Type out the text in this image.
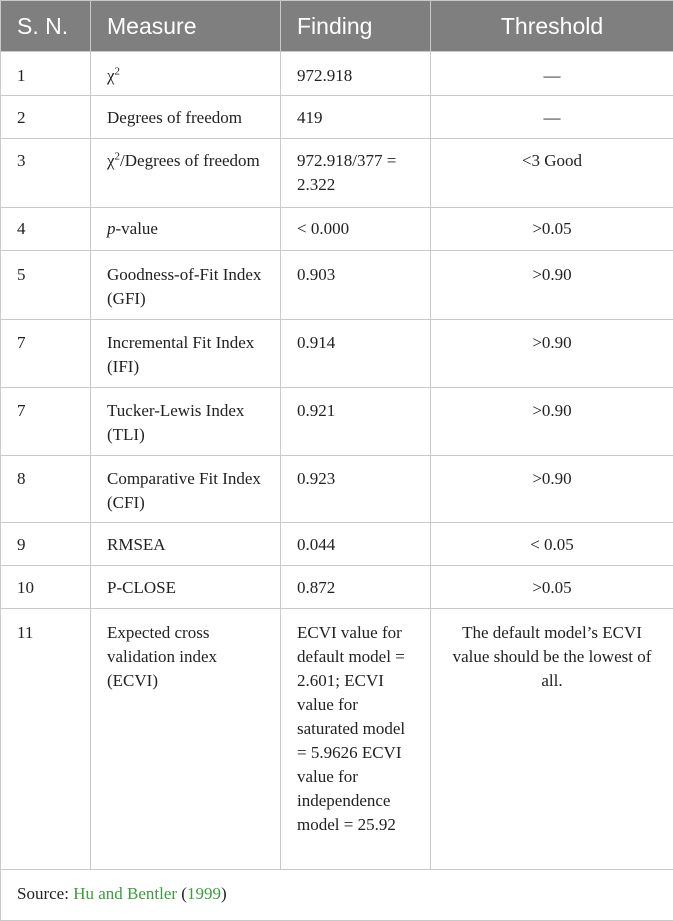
S. N.	Measure	Finding	Threshold
1	$\chi^2$	972.918	—
2	Degrees of freedom	419	—
3	$\chi^2$/Degrees of freedom	972.918/377 = 2.322	<3 Good
4	p-value	< 0.000	>0.05
5	Goodness-of-Fit Index (GFI)	0.903	>0.90
7	Incremental Fit Index (IFI)	0.914	>0.90
7	Tucker-Lewis Index (TLI)	0.921	>0.90
8	Comparative Fit Index (CFI)	0.923	>0.90
9	RMSEA	0.044	< 0.05
10	P-CLOSE	0.872	>0.05
11	Expected cross validation index (ECVI)	ECVI value for default model = 2.601; ECVI value for saturated model = 5.9626 ECVI value for independence model = 25.92	The default model’s ECVI value should be the lowest of all.
Source: Hu and Bentler (1999)			
